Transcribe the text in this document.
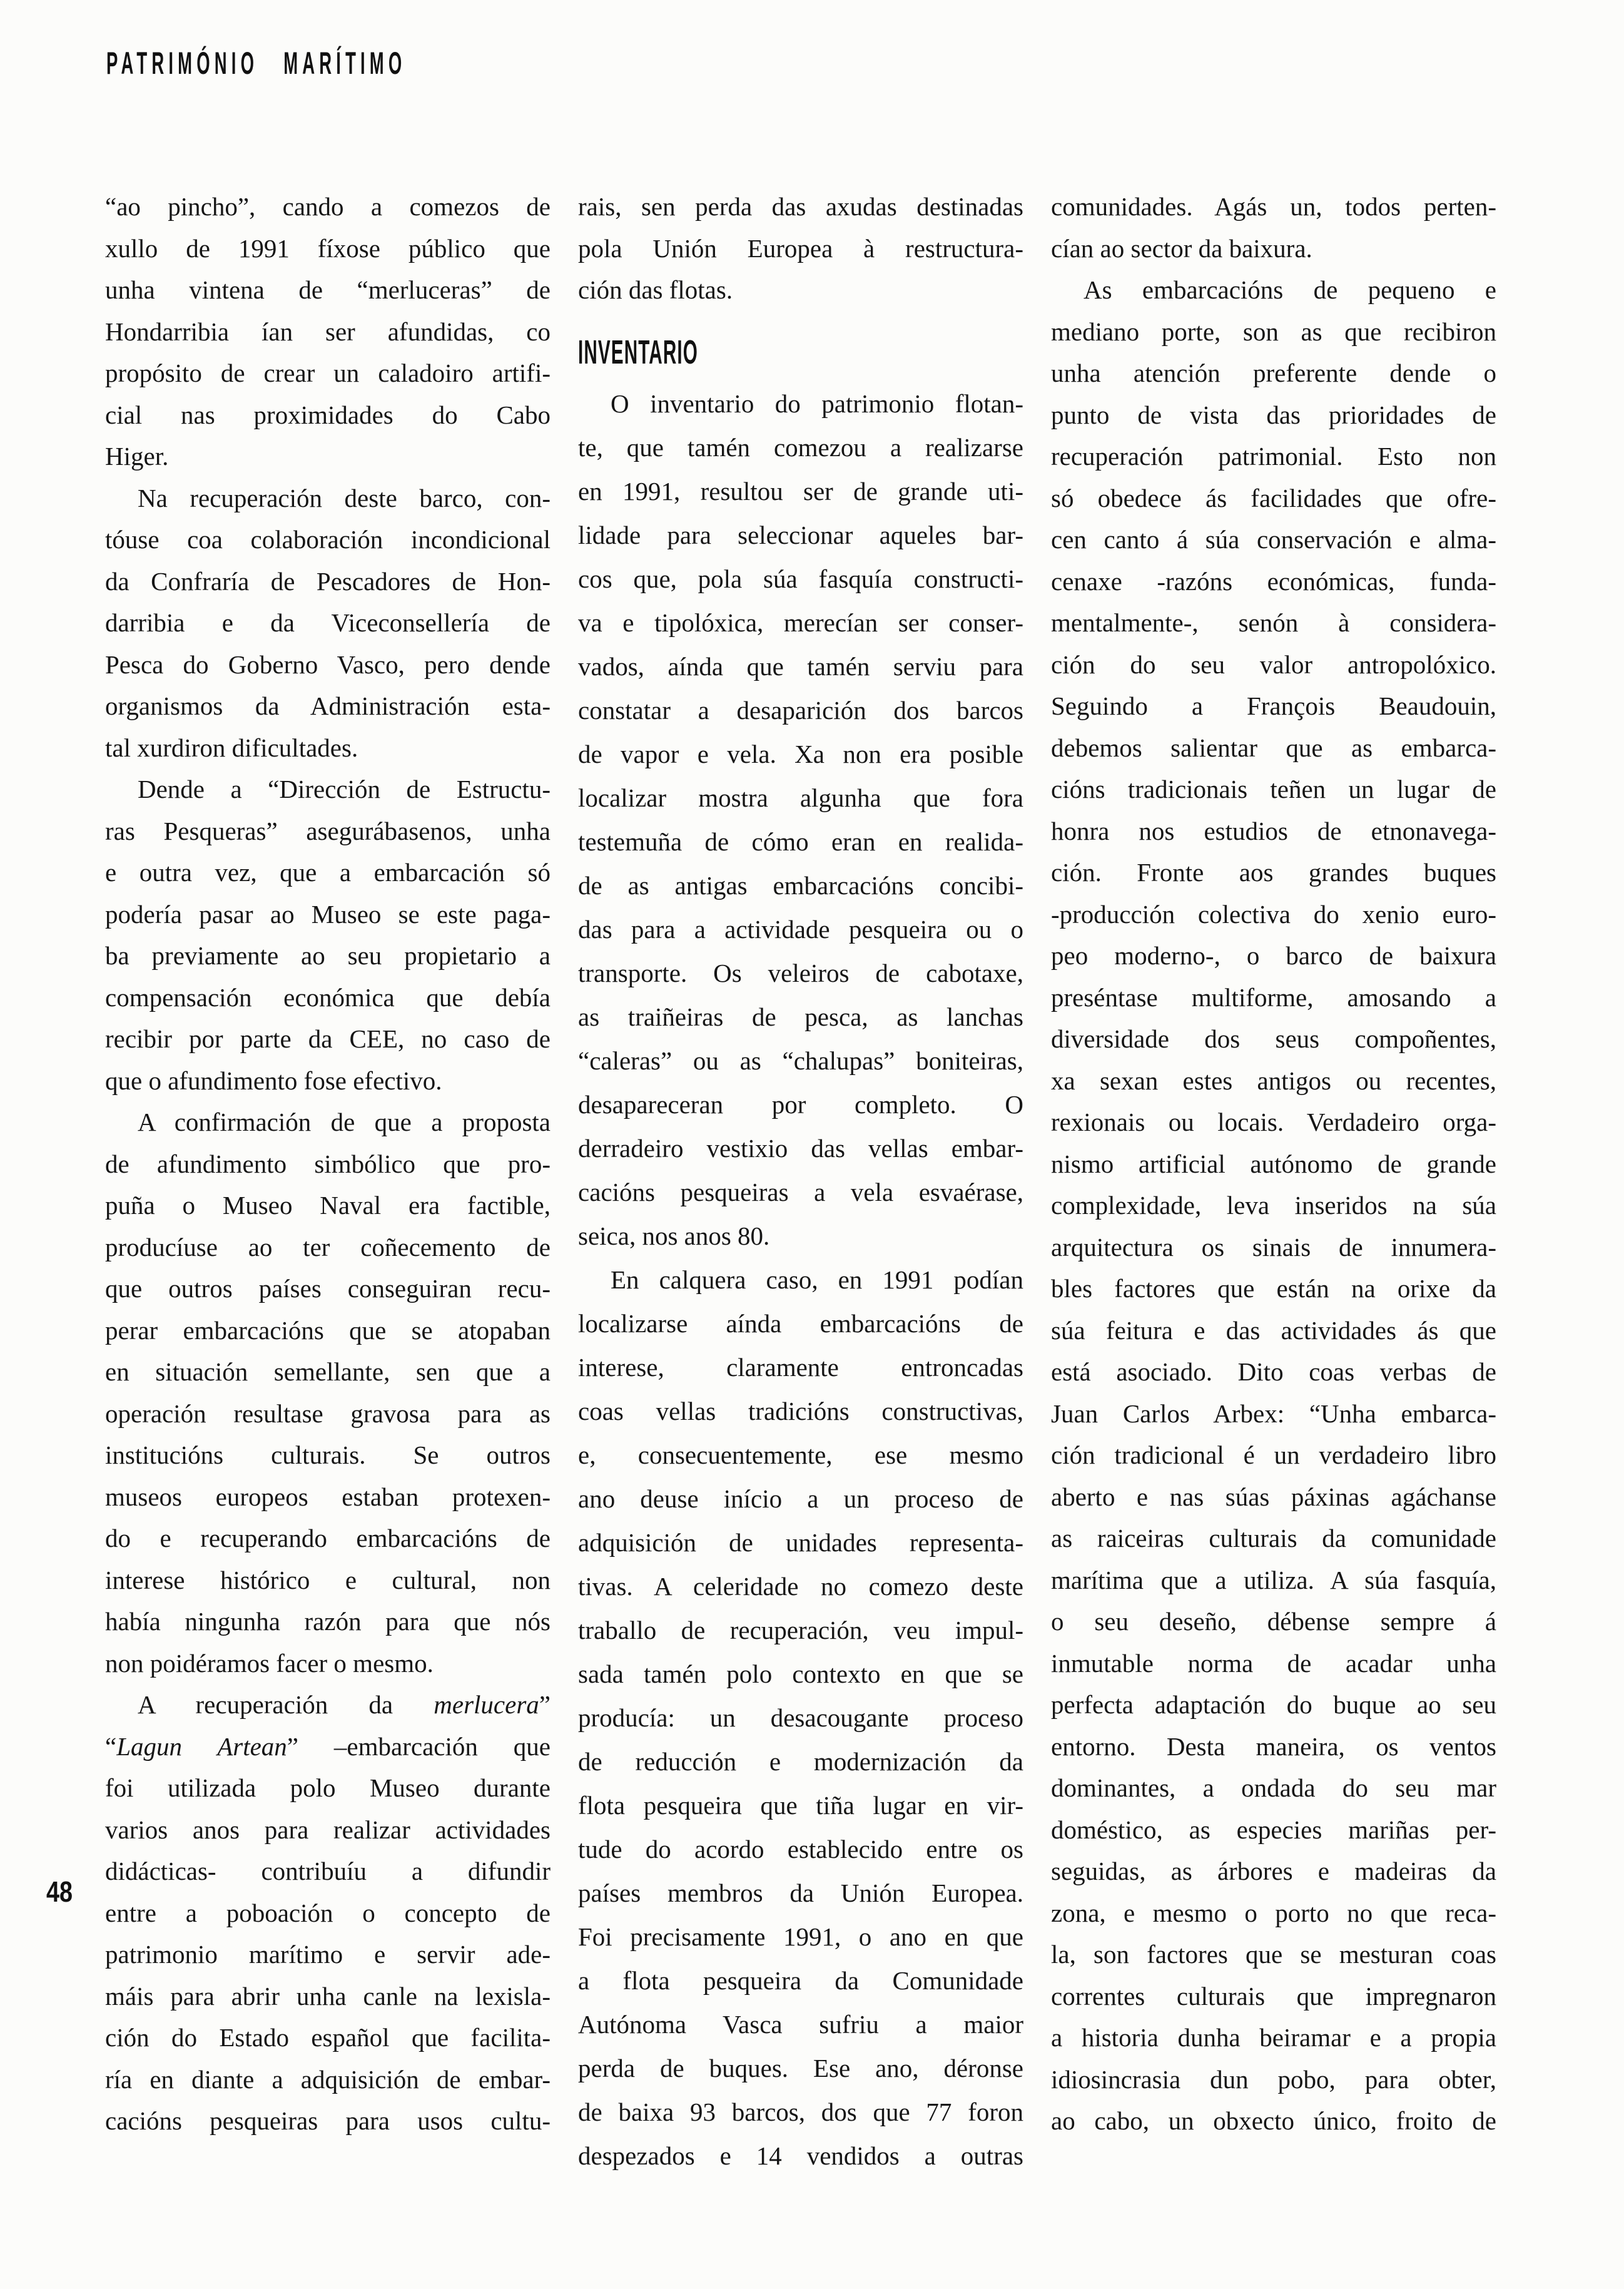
PATRIMÓNIO MARÍTIMO
48
“ao pincho”, cando a comezos de
xullo de 1991 fíxose público que
unha vintena de “merluceras” de
Hondarribia ían ser afundidas, co
propósito de crear un caladoiro artifi-
cial nas proximidades do Cabo
Higer.
Na recuperación deste barco, con-
tóuse coa colaboración incondicional
da Confraría de Pescadores de Hon-
darribia e da Viceconsellería de
Pesca do Goberno Vasco, pero dende
organismos da Administración esta-
tal xurdiron dificultades.
Dende a “Dirección de Estructu-
ras Pesqueras” asegurábasenos, unha
e outra vez, que a embarcación só
podería pasar ao Museo se este paga-
ba previamente ao seu propietario a
compensación económica que debía
recibir por parte da CEE, no caso de
que o afundimento fose efectivo.
A confirmación de que a proposta
de afundimento simbólico que pro-
puña o Museo Naval era factible,
producíuse ao ter coñecemento de
que outros países conseguiran recu-
perar embarcacións que se atopaban
en situación semellante, sen que a
operación resultase gravosa para as
institucións culturais. Se outros
museos europeos estaban protexen-
do e recuperando embarcacións de
interese histórico e cultural, non
había ningunha razón para que nós
non poidéramos facer o mesmo.
A recuperación da merlucera”
“Lagun Artean” –embarcación que
foi utilizada polo Museo durante
varios anos para realizar actividades
didácticas- contribuíu a difundir
entre a poboación o concepto de
patrimonio marítimo e servir ade-
máis para abrir unha canle na lexisla-
ción do Estado español que facilita-
ría en diante a adquisición de embar-
cacións pesqueiras para usos cultu-
rais, sen perda das axudas destinadas
pola Unión Europea à restructura-
ción das flotas.
INVENTARIO
O inventario do patrimonio flotan-
te, que tamén comezou a realizarse
en 1991, resultou ser de grande uti-
lidade para seleccionar aqueles bar-
cos que, pola súa fasquía constructi-
va e tipolóxica, merecían ser conser-
vados, aínda que tamén serviu para
constatar a desaparición dos barcos
de vapor e vela. Xa non era posible
localizar mostra algunha que fora
testemuña de cómo eran en realida-
de as antigas embarcacións concibi-
das para a actividade pesqueira ou o
transporte. Os veleiros de cabotaxe,
as traiñeiras de pesca, as lanchas
“caleras” ou as “chalupas” boniteiras,
desapareceran por completo. O
derradeiro vestixio das vellas embar-
cacións pesqueiras a vela esvaérase,
seica, nos anos 80.
En calquera caso, en 1991 podían
localizarse aínda embarcacións de
interese, claramente entroncadas
coas vellas tradicións constructivas,
e, consecuentemente, ese mesmo
ano deuse início a un proceso de
adquisición de unidades representa-
tivas. A celeridade no comezo deste
traballo de recuperación, veu impul-
sada tamén polo contexto en que se
producía: un desacougante proceso
de reducción e modernización da
flota pesqueira que tiña lugar en vir-
tude do acordo establecido entre os
países membros da Unión Europea.
Foi precisamente 1991, o ano en que
a flota pesqueira da Comunidade
Autónoma Vasca sufriu a maior
perda de buques. Ese ano, déronse
de baixa 93 barcos, dos que 77 foron
despezados e 14 vendidos a outras
comunidades. Agás un, todos perten-
cían ao sector da baixura.
As embarcacións de pequeno e
mediano porte, son as que recibiron
unha atención preferente dende o
punto de vista das prioridades de
recuperación patrimonial. Esto non
só obedece ás facilidades que ofre-
cen canto á súa conservación e alma-
cenaxe -razóns económicas, funda-
mentalmente-, senón à considera-
ción do seu valor antropolóxico.
Seguindo a François Beaudouin,
debemos salientar que as embarca-
cións tradicionais teñen un lugar de
honra nos estudios de etnonavega-
ción. Fronte aos grandes buques
-producción colectiva do xenio euro-
peo moderno-, o barco de baixura
preséntase multiforme, amosando a
diversidade dos seus compoñentes,
xa sexan estes antigos ou recentes,
rexionais ou locais. Verdadeiro orga-
nismo artificial autónomo de grande
complexidade, leva inseridos na súa
arquitectura os sinais de innumera-
bles factores que están na orixe da
súa feitura e das actividades ás que
está asociado. Dito coas verbas de
Juan Carlos Arbex: “Unha embarca-
ción tradicional é un verdadeiro libro
aberto e nas súas páxinas agáchanse
as raiceiras culturais da comunidade
marítima que a utiliza. A súa fasquía,
o seu deseño, débense sempre á
inmutable norma de acadar unha
perfecta adaptación do buque ao seu
entorno. Desta maneira, os ventos
dominantes, a ondada do seu mar
doméstico, as especies mariñas per-
seguidas, as árbores e madeiras da
zona, e mesmo o porto no que reca-
la, son factores que se mesturan coas
correntes culturais que impregnaron
a historia dunha beiramar e a propia
idiosincrasia dun pobo, para obter,
ao cabo, un obxecto único, froito de
